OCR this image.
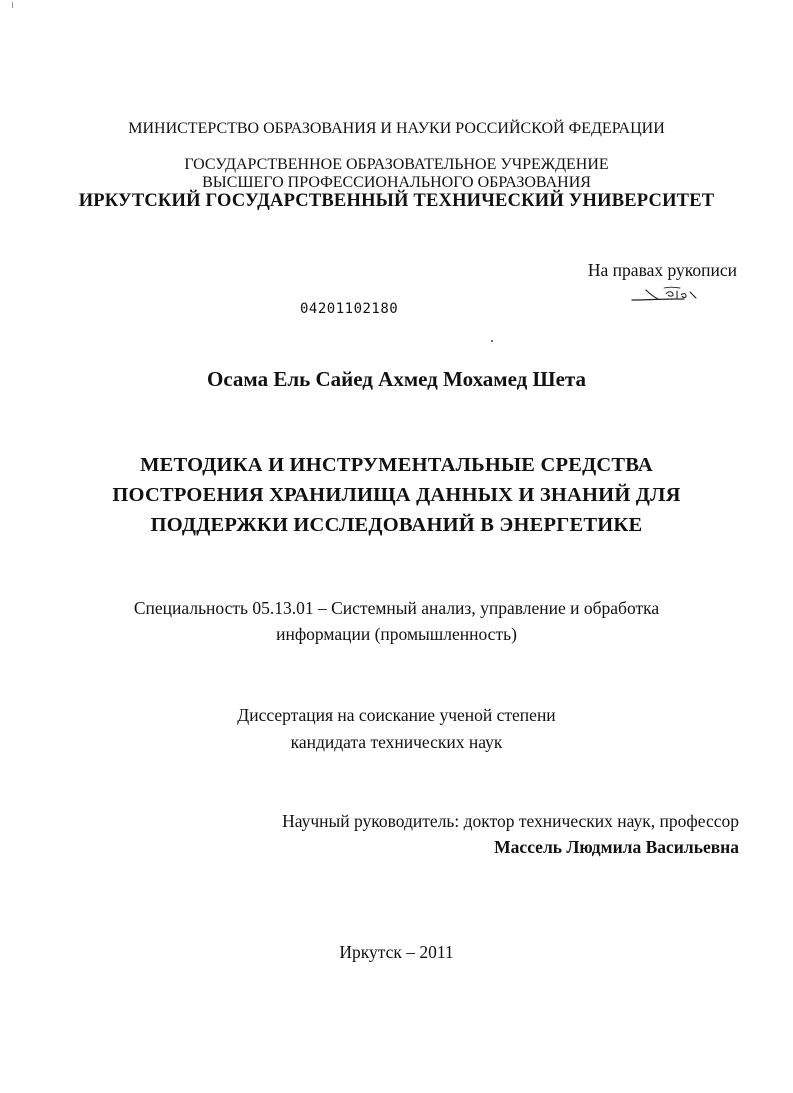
МИНИСТЕРСТВО ОБРАЗОВАНИЯ И НАУКИ РОССИЙСКОЙ ФЕДЕРАЦИИ
ГОСУДАРСТВЕННОЕ ОБРАЗОВАТЕЛЬНОЕ УЧРЕЖДЕНИЕ
ВЫСШЕГО ПРОФЕССИОНАЛЬНОГО ОБРАЗОВАНИЯ
ИРКУТСКИЙ ГОСУДАРСТВЕННЫЙ ТЕХНИЧЕСКИЙ УНИВЕРСИТЕТ
На правах рукописи
04201102180
Осама Ель Сайед Ахмед Мохамед Шета
МЕТОДИКА И ИНСТРУМЕНТАЛЬНЫЕ СРЕДСТВА
ПОСТРОЕНИЯ ХРАНИЛИЩА ДАННЫХ И ЗНАНИЙ ДЛЯ
ПОДДЕРЖКИ ИССЛЕДОВАНИЙ В ЭНЕРГЕТИКЕ
Специальность 05.13.01 – Системный анализ, управление и обработка
информации (промышленность)
Диссертация на соискание ученой степени
кандидата технических наук
Научный руководитель: доктор технических наук, профессор
Массель Людмила Васильевна
Иркутск – 2011
